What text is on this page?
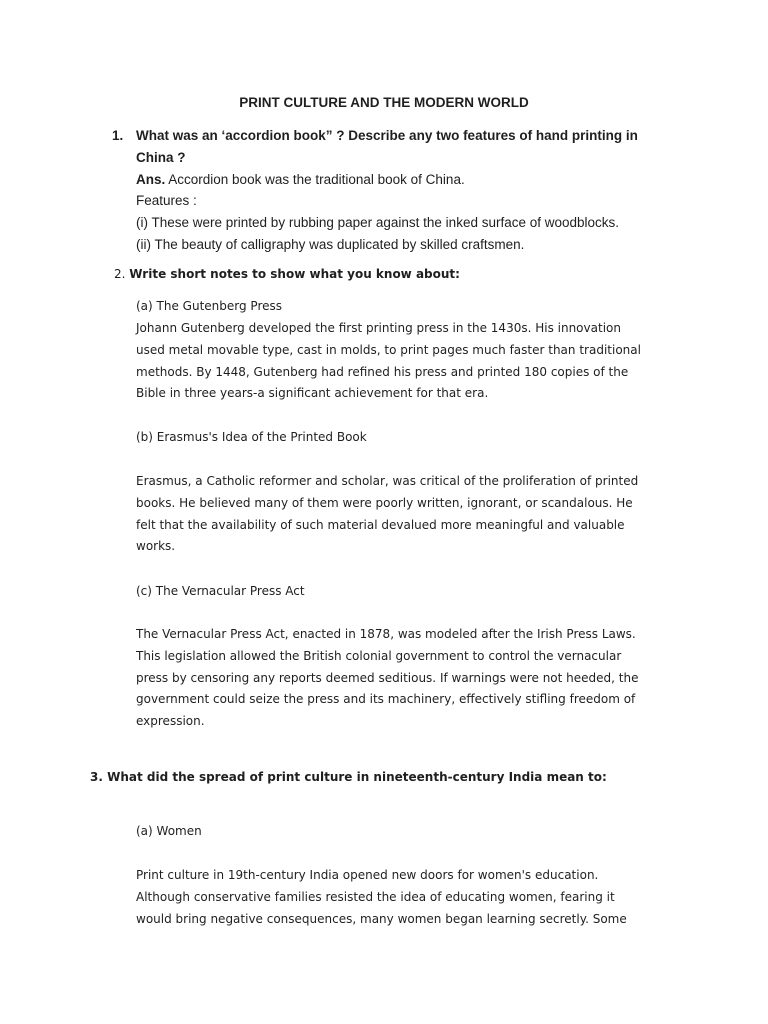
PRINT CULTURE AND THE MODERN WORLD

1. What was an ‘accordion book” ? Describe any two features of hand printing in

China ?

Ans. Accordion book was the traditional book of China.

Features :

(i) These were printed by rubbing paper against the inked surface of woodblocks.

(ii) The beauty of calligraphy was duplicated by skilled craftsmen.

2. Write short notes to show what you know about:

(a) The Gutenberg Press

Johann Gutenberg developed the first printing press in the 1430s. His innovation
used metal movable type, cast in molds, to print pages much faster than traditional
methods. By 1448, Gutenberg had refined his press and printed 180 copies of the
Bible in three years-a significant achievement for that era.

(b) Erasmus's Idea of the Printed Book

Erasmus, a Catholic reformer and scholar, was critical of the proliferation of printed
books. He believed many of them were poorly written, ignorant, or scandalous. He
felt that the availability of such material devalued more meaningful and valuable
works.

(c) The Vernacular Press Act

The Vernacular Press Act, enacted in 1878, was modeled after the Irish Press Laws.
This legislation allowed the British colonial government to control the vernacular
press by censoring any reports deemed seditious. If warnings were not heeded, the
government could seize the press and its machinery, effectively stifling freedom of
expression.

3. What did the spread of print culture in nineteenth-century India mean to:

(a) Women

Print culture in 19th-century India opened new doors for women's education.
Although conservative families resisted the idea of educating women, fearing it
would bring negative consequences, many women began learning secretly. Some
